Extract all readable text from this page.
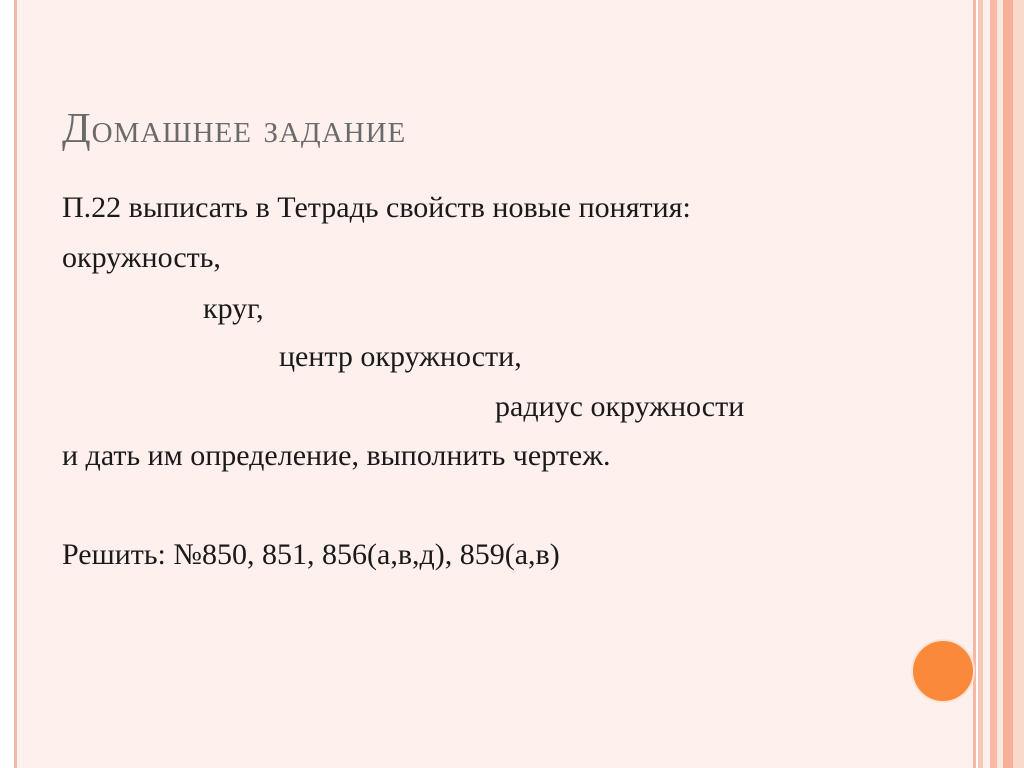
Домашнее задание

П.22 выписать в Тетрадь свойств новые понятия:

окружность,

круг,

центр окружности,

радиус окружности

и дать им определение, выполнить чертеж.

Решить: №850, 851, 856(а,в,д), 859(а,в)
